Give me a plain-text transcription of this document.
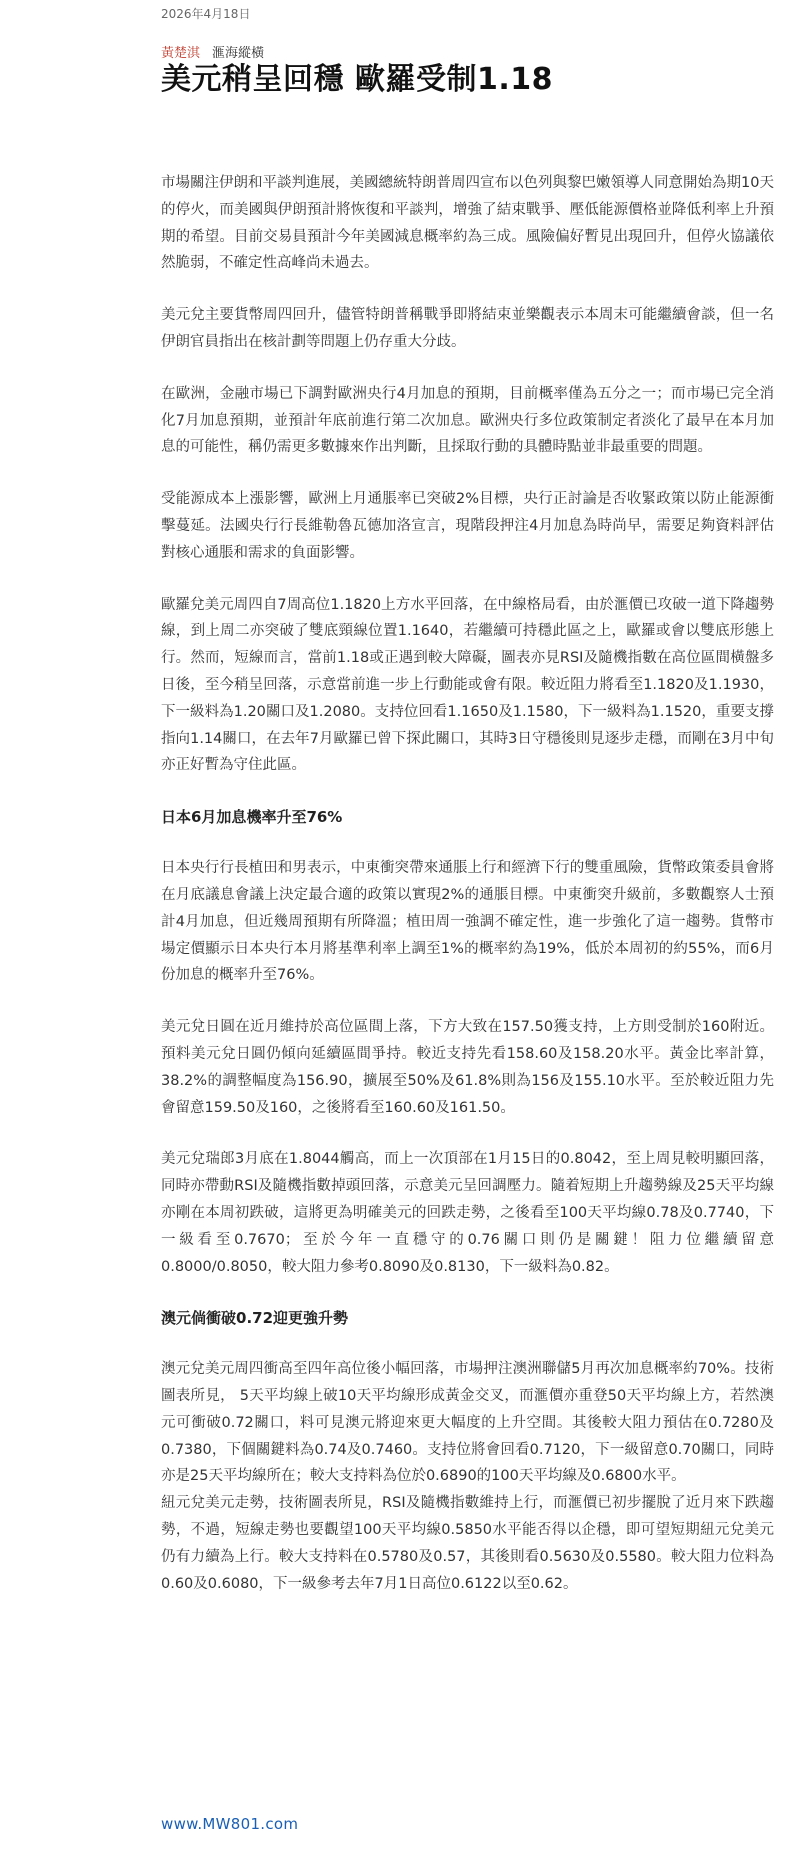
2026年4月18日

黃楚淇 滙海縱橫

美元稍呈回穩 歐羅受制1.18

市場關注伊朗和平談判進展，美國總統特朗普周四宣布以色列與黎巴嫩領導人同意開始為期10天的停火，而美國與伊朗預計將恢復和平談判，增強了結束戰爭、壓低能源價格並降低利率上升預期的希望。目前交易員預計今年美國減息概率約為三成。風險偏好暫見出現回升，但停火協議依然脆弱，不確定性高峰尚未過去。

美元兌主要貨幣周四回升，儘管特朗普稱戰爭即將結束並樂觀表示本周末可能繼續會談，但一名伊朗官員指出在核計劃等問題上仍存重大分歧。

在歐洲，金融市場已下調對歐洲央行4月加息的預期，目前概率僅為五分之一；而市場已完全消化7月加息預期，並預計年底前進行第二次加息。歐洲央行多位政策制定者淡化了最早在本月加息的可能性，稱仍需更多數據來作出判斷，且採取行動的具體時點並非最重要的問題。

受能源成本上漲影響，歐洲上月通脹率已突破2%目標，央行正討論是否收緊政策以防止能源衝擊蔓延。法國央行行長維勒魯瓦德加洛宣言，現階段押注4月加息為時尚早，需要足夠資料評估對核心通脹和需求的負面影響。

歐羅兌美元周四自7周高位1.1820上方水平回落，在中線格局看，由於滙價已攻破一道下降趨勢線，到上周二亦突破了雙底頸線位置1.1640，若繼續可持穩此區之上，歐羅或會以雙底形態上行。然而，短線而言，當前1.18或正遇到較大障礙，圖表亦見RSI及隨機指數在高位區間橫盤多日後，至今稍呈回落，示意當前進一步上行動能或會有限。較近阻力將看至1.1820及1.1930，下一級料為1.20關口及1.2080。支持位回看1.1650及1.1580，下一級料為1.1520，重要支撐指向1.14關口，在去年7月歐羅已曾下探此關口，其時3日守穩後則見逐步走穩，而剛在3月中旬亦正好暫為守住此區。

日本6月加息機率升至76%

日本央行行長植田和男表示，中東衝突帶來通脹上行和經濟下行的雙重風險，貨幣政策委員會將在月底議息會議上決定最合適的政策以實現2%的通脹目標。中東衝突升級前，多數觀察人士預計4月加息，但近幾周預期有所降溫；植田周一強調不確定性，進一步強化了這一趨勢。貨幣市場定價顯示日本央行本月將基準利率上調至1%的概率約為19%，低於本周初的約55%，而6月份加息的概率升至76%。

美元兌日圓在近月維持於高位區間上落，下方大致在157.50獲支持，上方則受制於160附近。預料美元兌日圓仍傾向延續區間爭持。較近支持先看158.60及158.20水平。黃金比率計算， 38.2%的調整幅度為156.90，擴展至50%及61.8%則為156及155.10水平。至於較近阻力先會留意159.50及160，之後將看至160.60及161.50。

美元兌瑞郎3月底在1.8044觸高，而上一次頂部在1月15日的0.8042，至上周見較明顯回落，同時亦帶動RSI及隨機指數掉頭回落，示意美元呈回調壓力。隨着短期上升趨勢線及25天平均線亦剛在本周初跌破，這將更為明確美元的回跌走勢，之後看至100天平均線0.78及0.7740，下一級看至0.7670；至於今年一直穩守的0.76關口則仍是關鍵！阻力位繼續留意0.8000/0.8050，較大阻力參考0.8090及0.8130，下一級料為0.82。

澳元倘衝破0.72迎更強升勢

澳元兌美元周四衝高至四年高位後小幅回落，市場押注澳洲聯儲5月再次加息概率約70%。技術圖表所見， 5天平均線上破10天平均線形成黃金交叉，而滙價亦重登50天平均線上方，若然澳元可衝破0.72關口，料可見澳元將迎來更大幅度的上升空間。其後較大阻力預估在0.7280及0.7380，下個關鍵料為0.74及0.7460。支持位將會回看0.7120，下一級留意0.70關口，同時亦是25天平均線所在；較大支持料為位於0.6890的100天平均線及0.6800水平。

紐元兌美元走勢，技術圖表所見，RSI及隨機指數維持上行，而滙價已初步擺脫了近月來下跌趨勢，不過，短線走勢也要觀望100天平均線0.5850水平能否得以企穩，即可望短期紐元兌美元仍有力續為上行。較大支持料在0.5780及0.57，其後則看0.5630及0.5580。較大阻力位料為0.60及0.6080，下一級參考去年7月1日高位0.6122以至0.62。

www.MW801.com
